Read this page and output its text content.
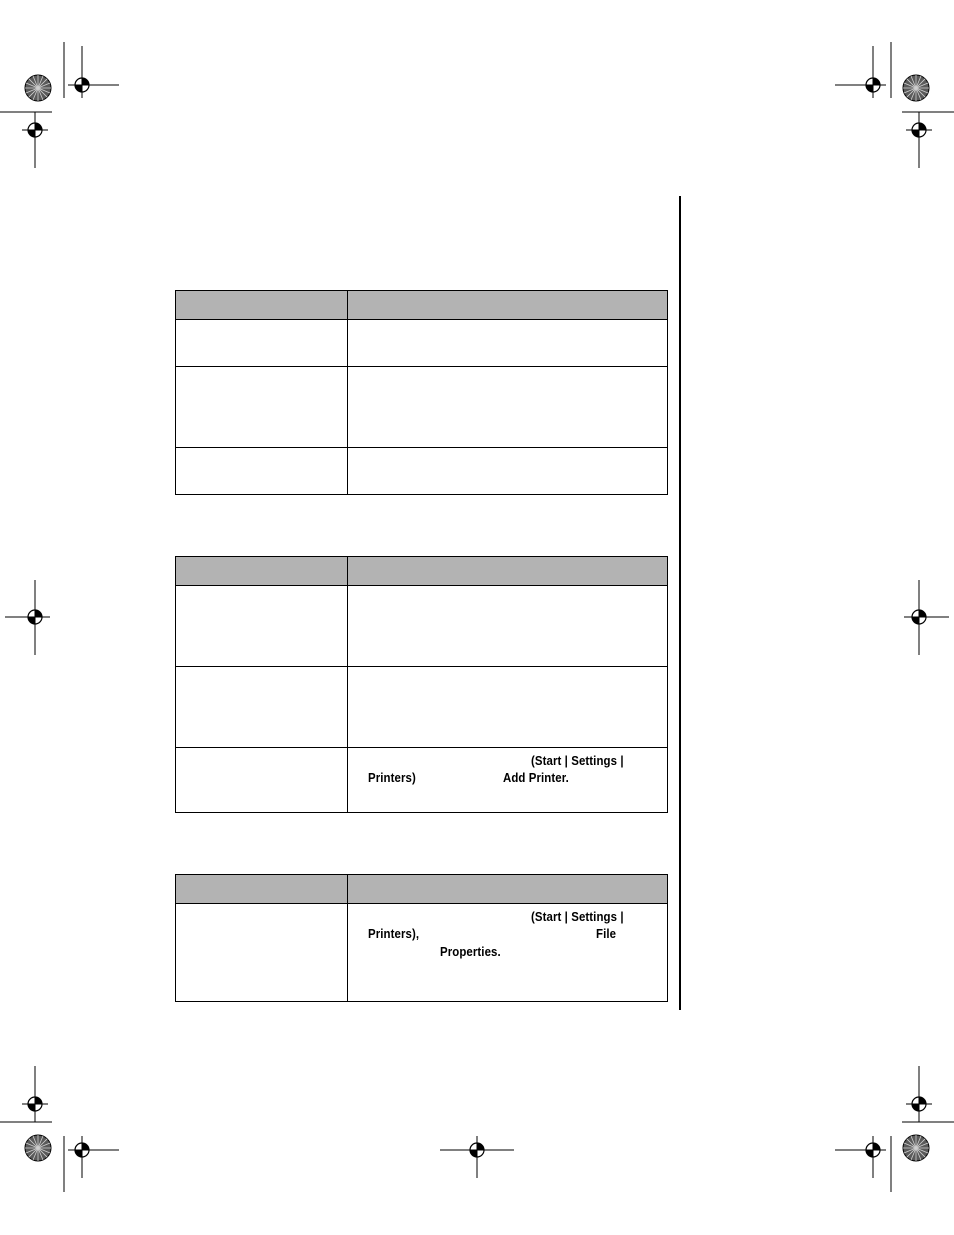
	(Start | Settings |
Printers) Add Printer.

	(Start | Settings |
Printers), File
Properties.
